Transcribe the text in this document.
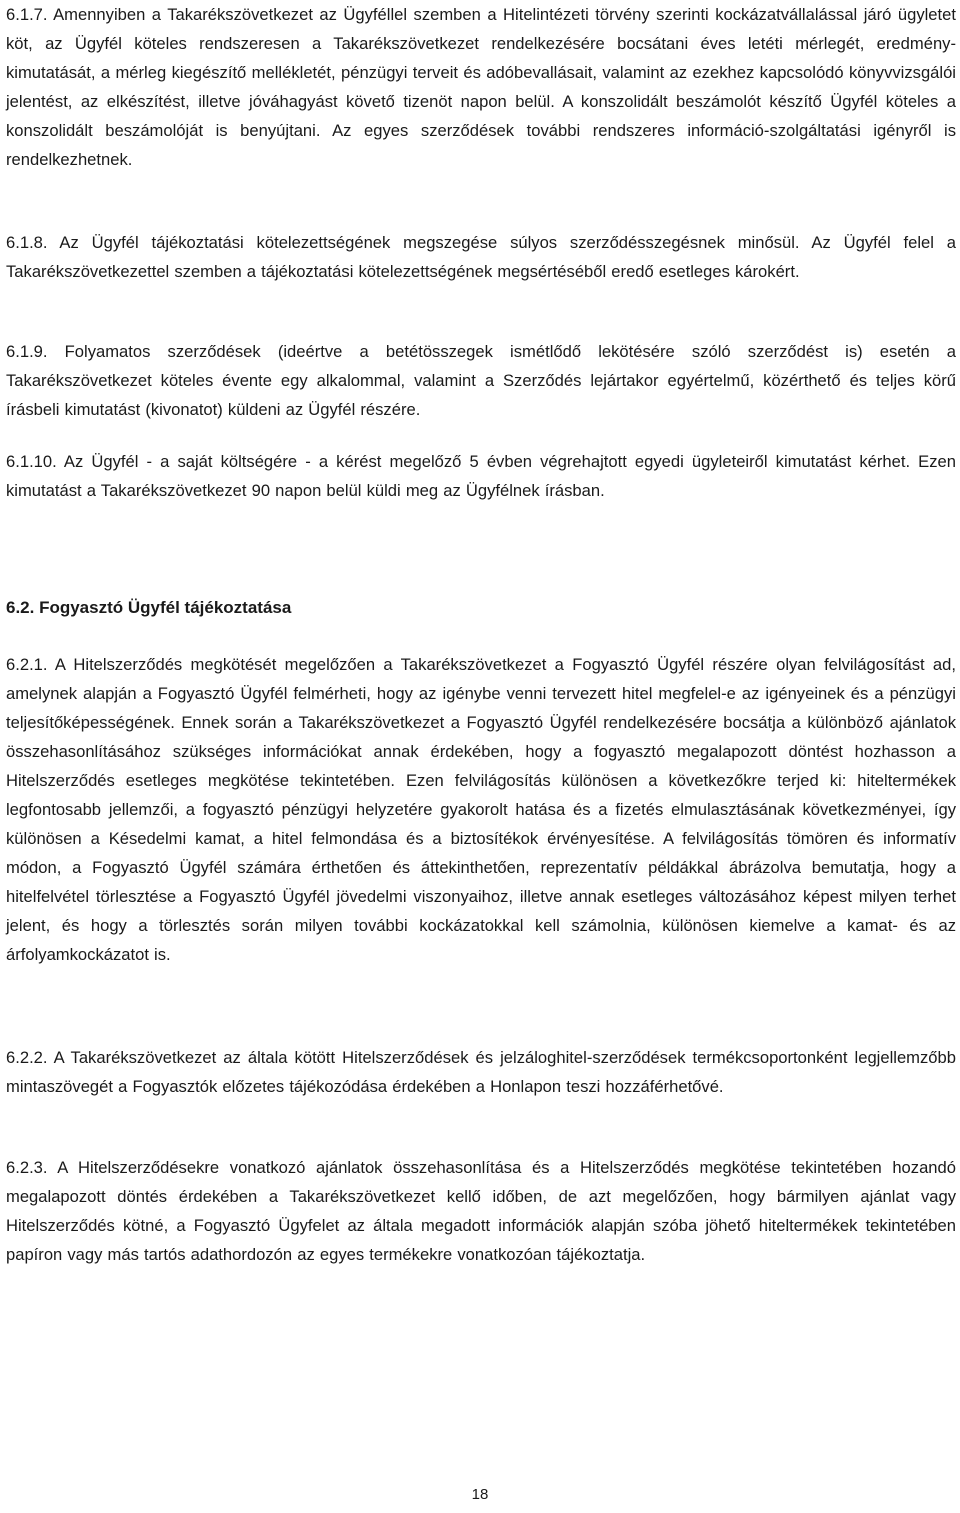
6.1.7. Amennyiben a Takarékszövetkezet az Ügyféllel szemben a Hitelintézeti törvény szerinti kockázatvállalással járó ügyletet köt, az Ügyfél köteles rendszeresen a Takarékszövetkezet rendelkezésére bocsátani éves letéti mérlegét, eredmény-kimutatását, a mérleg kiegészítő mellékletét, pénzügyi terveit és adóbevallásait, valamint az ezekhez kapcsolódó könyvvizsgálói jelentést, az elkészítést, illetve jóváhagyást követő tizenöt napon belül. A konszolidált beszámolót készítő Ügyfél köteles a konszolidált beszámolóját is benyújtani. Az egyes szerződések további rendszeres információ-szolgáltatási igényről is rendelkezhetnek.

6.1.8. Az Ügyfél tájékoztatási kötelezettségének megszegése súlyos szerződésszegésnek minősül. Az Ügyfél felel a Takarékszövetkezettel szemben a tájékoztatási kötelezettségének megsértéséből eredő esetleges károkért.

6.1.9. Folyamatos szerződések (ideértve a betétösszegek ismétlődő lekötésére szóló szerződést is) esetén a Takarékszövetkezet köteles évente egy alkalommal, valamint a Szerződés lejártakor egyértelmű, közérthető és teljes körű írásbeli kimutatást (kivonatot) küldeni az Ügyfél részére.

6.1.10. Az Ügyfél - a saját költségére - a kérést megelőző 5 évben végrehajtott egyedi ügyleteiről kimutatást kérhet. Ezen kimutatást a Takarékszövetkezet 90 napon belül küldi meg az Ügyfélnek írásban.

6.2. Fogyasztó Ügyfél tájékoztatása

6.2.1. A Hitelszerződés megkötését megelőzően a Takarékszövetkezet a Fogyasztó Ügyfél részére olyan felvilágosítást ad, amelynek alapján a Fogyasztó Ügyfél felmérheti, hogy az igénybe venni tervezett hitel megfelel-e az igényeinek és a pénzügyi teljesítőképességének. Ennek során a Takarékszövetkezet a Fogyasztó Ügyfél rendelkezésére bocsátja a különböző ajánlatok összehasonlításához szükséges információkat annak érdekében, hogy a fogyasztó megalapozott döntést hozhasson a Hitelszerződés esetleges megkötése tekintetében. Ezen felvilágosítás különösen a következőkre terjed ki: hiteltermékek legfontosabb jellemzői, a fogyasztó pénzügyi helyzetére gyakorolt hatása és a fizetés elmulasztásának következményei, így különösen a Késedelmi kamat, a hitel felmondása és a biztosítékok érvényesítése. A felvilágosítás tömören és informatív módon, a Fogyasztó Ügyfél számára érthetően és áttekinthetően, reprezentatív példákkal ábrázolva bemutatja, hogy a hitelfelvétel törlesztése a Fogyasztó Ügyfél jövedelmi viszonyaihoz, illetve annak esetleges változásához képest milyen terhet jelent, és hogy a törlesztés során milyen további kockázatokkal kell számolnia, különösen kiemelve a kamat- és az árfolyamkockázatot is.

6.2.2. A Takarékszövetkezet az általa kötött Hitelszerződések és jelzáloghitel-szerződések termékcsoportonként legjellemzőbb mintaszövegét a Fogyasztók előzetes tájékozódása érdekében a Honlapon teszi hozzáférhetővé.

6.2.3. A Hitelszerződésekre vonatkozó ajánlatok összehasonlítása és a Hitelszerződés megkötése tekintetében hozandó megalapozott döntés érdekében a Takarékszövetkezet kellő időben, de azt megelőzően, hogy bármilyen ajánlat vagy Hitelszerződés kötné, a Fogyasztó Ügyfelet az általa megadott információk alapján szóba jöhető hiteltermékek tekintetében papíron vagy más tartós adathordozón az egyes termékekre vonatkozóan tájékoztatja.

18
